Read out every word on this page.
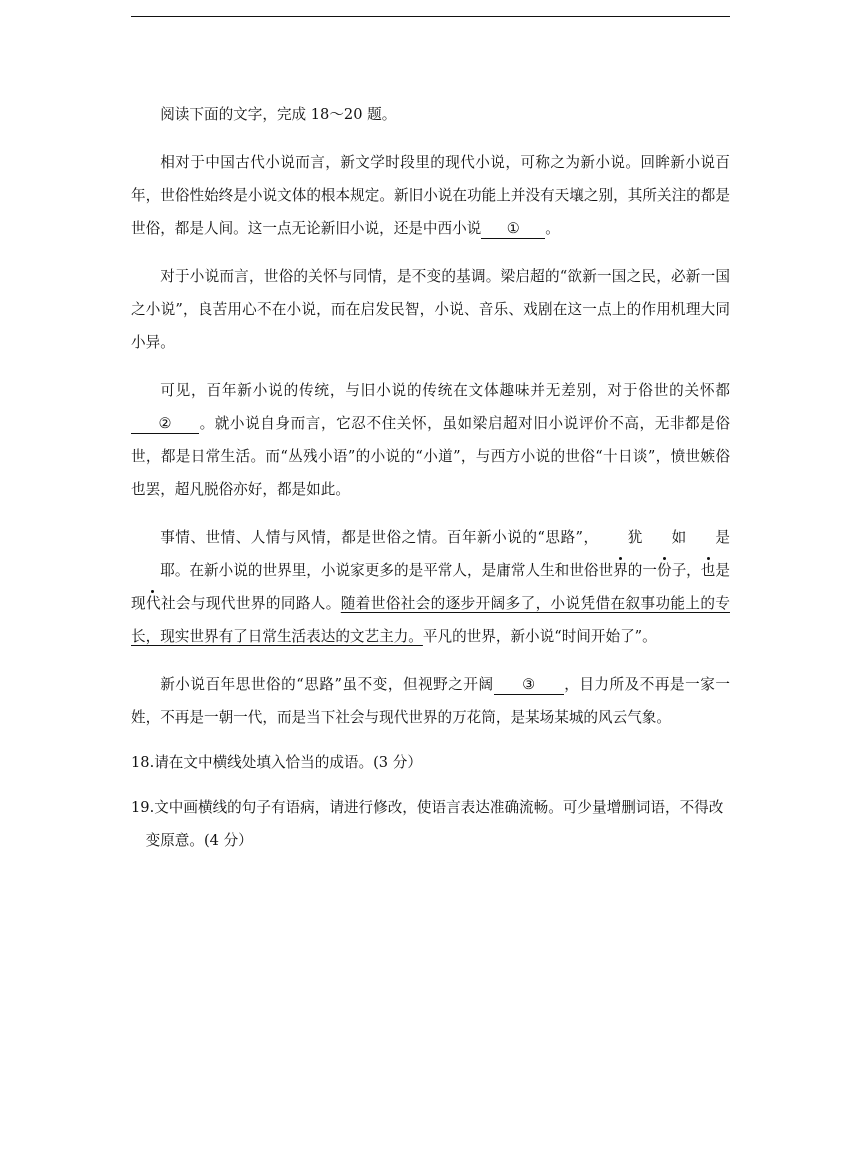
阅读下面的文字，完成 18～20 题。

相对于中国古代小说而言，新文学时段里的现代小说，可称之为新小说。回眸新小说百年，世俗性始终是小说文体的根本规定。新旧小说在功能上并没有天壤之别，其所关注的都是世俗，都是人间。这一点无论新旧小说，还是中西小说 ① 。

对于小说而言，世俗的关怀与同情，是不变的基调。梁启超的“欲新一国之民，必新一国之小说”，良苦用心不在小说，而在启发民智，小说、音乐、戏剧在这一点上的作用机理大同小异。

可见，百年新小说的传统，与旧小说的传统在文体趣味并无差别，对于俗世的关怀都② 。就小说自身而言，它忍不住关怀，虽如梁启超对旧小说评价不高，无非都是俗世，都是日常生活。而“丛残小语”的小说的“小道”，与西方小说的世俗“十日谈”，愤世嫉俗也罢，超凡脱俗亦好，都是如此。

事情、世情、人情与风情，都是世俗之情。百年新小说的“思路”， 犹 如 是耶。在新小说的世界里，小说家更多的是平常人，是庸常人生和世俗世界的一份子，也是现代社会与现代世界的同路人。随着世俗社会的逐步开阔多了，小说凭借在叙事功能上的专长，现实世界有了日常生活表达的文艺主力。平凡的世界，新小说“时间开始了”。

新小说百年思世俗的“思路”虽不变，但视野之开阔 ③ ，目力所及不再是一家一姓，不再是一朝一代，而是当下社会与现代世界的万花筒，是某场某城的风云气象。

18.请在文中横线处填入恰当的成语。(3 分）

19.文中画横线的句子有语病，请进行修改，使语言表达准确流畅。可少量增删词语，不得改变原意。(4 分）
